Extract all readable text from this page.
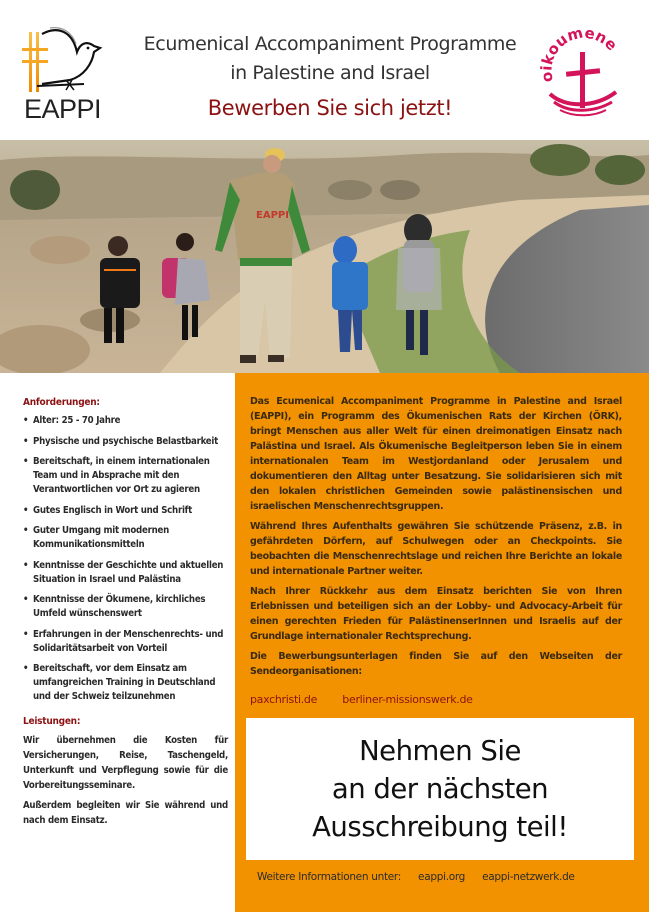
EAPPI
Ecumenical Accompaniment Programme
in Palestine and Israel
Bewerben Sie sich jetzt!
koumene
EAPPI
Anforderungen:
• Alter: 25 - 70 Jahre
• Physische und psychische Belastbarkeit
• Bereitschaft, in einem internationalen Team und in Absprache mit den Verantwortlichen vor Ort zu agieren
• Gutes Englisch in Wort und Schrift
• Guter Umgang mit modernen Kommunikationsmitteln
• Kenntnisse der Geschichte und aktuellen Situation in Israel und Palästina
• Kenntnisse der Ökumene, kirchliches Umfeld wünschenswert
• Erfahrungen in der Menschenrechts- und Solidaritätsarbeit von Vorteil
• Bereitschaft, vor dem Einsatz am umfangreichen Training in Deutschland und der Schweiz teilzunehmen
Leistungen:

Wir übernehmen die Kosten für Versicherungen, Reise, Taschengeld, Unterkunft und Verpflegung sowie für die Vorbereitungsseminare.

Außerdem begleiten wir Sie während und nach dem Einsatz.

Das Ecumenical Accompaniment Programme in Palestine and Israel (EAPPI), ein Programm des Ökumenischen Rats der Kirchen (ÖRK), bringt Menschen aus aller Welt für einen dreimonatigen Einsatz nach Palästina und Israel. Als Ökumenische Begleitperson leben Sie in einem internationalen Team im Westjordanland oder Jerusalem und dokumentieren den Alltag unter Besatzung. Sie solidarisieren sich mit den lokalen christlichen Gemeinden sowie palästinensischen und israelischen Menschenrechtsgruppen.

Während Ihres Aufenthalts gewähren Sie schützende Präsenz, z.B. in gefährdeten Dörfern, auf Schulwegen oder an Checkpoints. Sie beobachten die Menschenrechtslage und reichen Ihre Berichte an lokale und internationale Partner weiter.

Nach Ihrer Rückkehr aus dem Einsatz berichten Sie von Ihren Erlebnissen und beteiligen sich an der Lobby- und Advocacy-Arbeit für einen gerechten Frieden für PalästinenserInnen und Israelis auf der Grundlage internationaler Rechtsprechung.

Die Bewerbungsunterlagen finden Sie auf den Webseiten der Sendeorganisationen:

paxchristi.de berliner-missionswerk.de
Nehmen Sie
an der nächsten
Ausschreibung teil!
Weitere Informationen unter: eappi.org eappi-netzwerk.de
